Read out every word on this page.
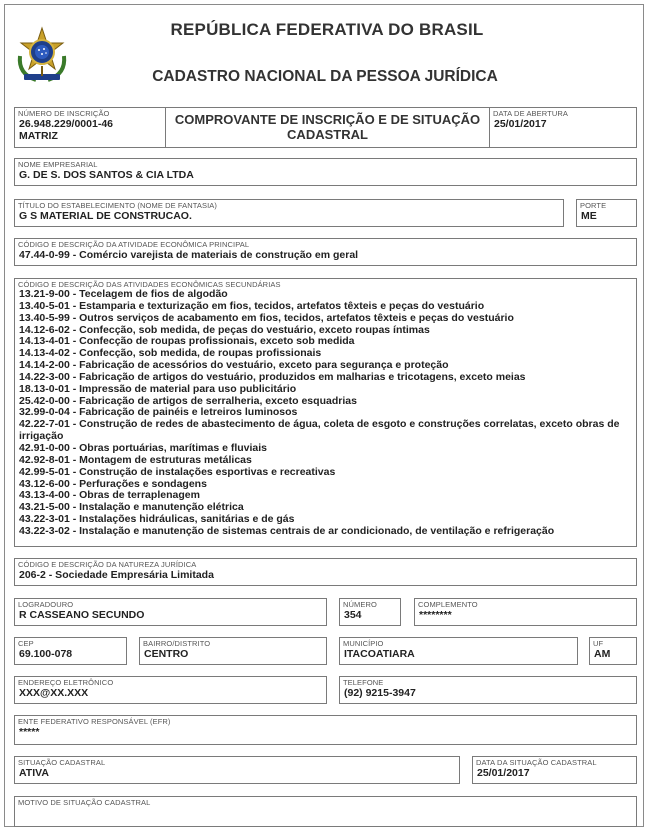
REPÚBLICA FEDERATIVA DO BRASIL
CADASTRO NACIONAL DA PESSOA JURÍDICA
NÚMERO DE INSCRIÇÃO
26.948.229/0001-46
MATRIZ
COMPROVANTE DE INSCRIÇÃO E DE SITUAÇÃO
CADASTRAL
DATA DE ABERTURA
25/01/2017
NOME EMPRESARIAL
G. DE S. DOS SANTOS & CIA LTDA
TÍTULO DO ESTABELECIMENTO (NOME DE FANTASIA)
G S MATERIAL DE CONSTRUCAO.
PORTE
ME
CÓDIGO E DESCRIÇÃO DA ATIVIDADE ECONÔMICA PRINCIPAL
47.44-0-99 - Comércio varejista de materiais de construção em geral
CÓDIGO E DESCRIÇÃO DAS ATIVIDADES ECONÔMICAS SECUNDÁRIAS
13.21-9-00 - Tecelagem de fios de algodão
13.40-5-01 - Estamparia e texturização em fios, tecidos, artefatos têxteis e peças do vestuário
13.40-5-99 - Outros serviços de acabamento em fios, tecidos, artefatos têxteis e peças do vestuário
14.12-6-02 - Confecção, sob medida, de peças do vestuário, exceto roupas íntimas
14.13-4-01 - Confecção de roupas profissionais, exceto sob medida
14.13-4-02 - Confecção, sob medida, de roupas profissionais
14.14-2-00 - Fabricação de acessórios do vestuário, exceto para segurança e proteção
14.22-3-00 - Fabricação de artigos do vestuário, produzidos em malharias e tricotagens, exceto meias
18.13-0-01 - Impressão de material para uso publicitário
25.42-0-00 - Fabricação de artigos de serralheria, exceto esquadrias
32.99-0-04 - Fabricação de painéis e letreiros luminosos
42.22-7-01 - Construção de redes de abastecimento de água, coleta de esgoto e construções correlatas, exceto obras de irrigação
42.91-0-00 - Obras portuárias, marítimas e fluviais
42.92-8-01 - Montagem de estruturas metálicas
42.99-5-01 - Construção de instalações esportivas e recreativas
43.12-6-00 - Perfurações e sondagens
43.13-4-00 - Obras de terraplenagem
43.21-5-00 - Instalação e manutenção elétrica
43.22-3-01 - Instalações hidráulicas, sanitárias e de gás
43.22-3-02 - Instalação e manutenção de sistemas centrais de ar condicionado, de ventilação e refrigeração
CÓDIGO E DESCRIÇÃO DA NATUREZA JURÍDICA
206-2 - Sociedade Empresária Limitada
LOGRADOURO
R CASSEANO SECUNDO
NÚMERO
354
COMPLEMENTO
********
CEP
69.100-078
BAIRRO/DISTRITO
CENTRO
MUNICÍPIO
ITACOATIARA
UF
AM
ENDEREÇO ELETRÔNICO
XXX@XX.XXX
TELEFONE
(92) 9215-3947
ENTE FEDERATIVO RESPONSÁVEL (EFR)
*****
SITUAÇÃO CADASTRAL
ATIVA
DATA DA SITUAÇÃO CADASTRAL
25/01/2017
MOTIVO DE SITUAÇÃO CADASTRAL
